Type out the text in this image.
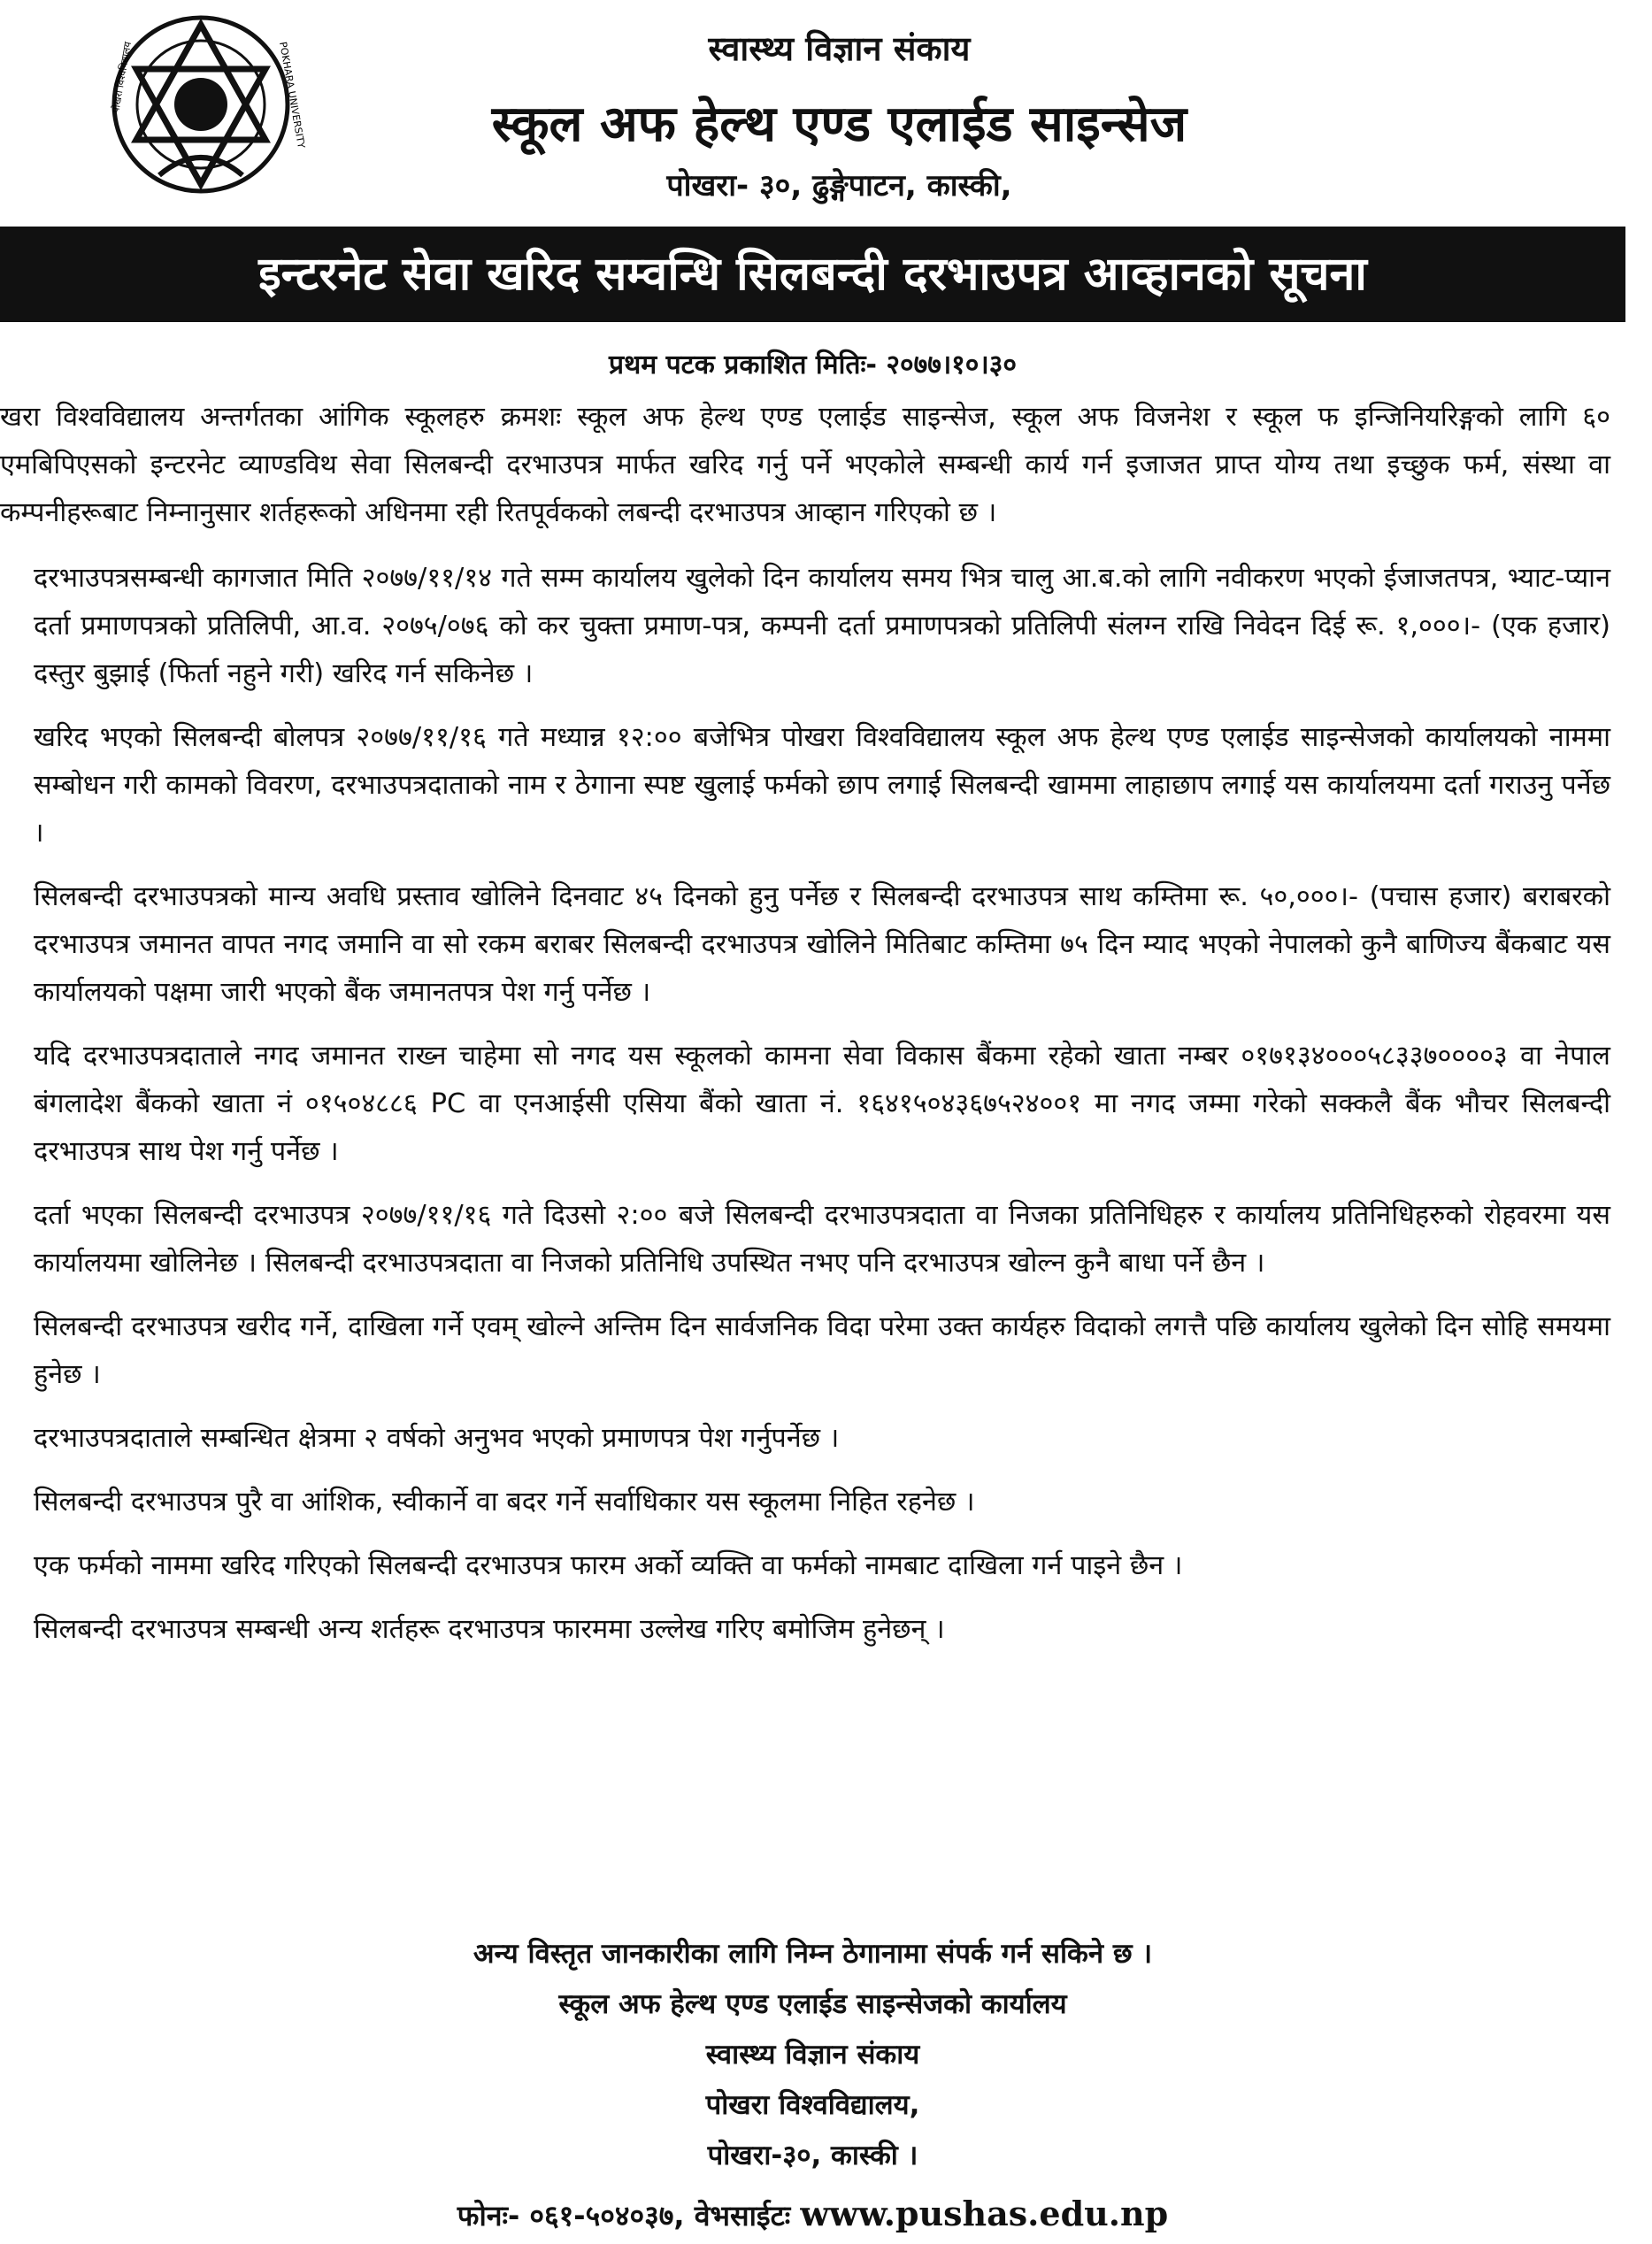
पोखरा विश्वविद्यालय	POKHARA UNIVERSITY	स्वास्थ्य विज्ञान संकाय
स्कूल अफ हेल्थ एण्ड एलाईड साइन्सेज
पोखरा- ३०, ढुङ्गेपाटन, कास्की,
इन्टरनेट सेवा खरिद सम्वन्धि सिलबन्दी दरभाउपत्र आव्हानको सूचना
प्रथम पटक प्रकाशित मितिः- २०७७।१०।३०

खरा विश्वविद्यालय अन्तर्गतका आंगिक स्कूलहरु क्रमशः स्कूल अफ हेल्थ एण्ड एलाईड साइन्सेज, स्कूल अफ विजनेश र स्कूल फ इन्जिनियरिङ्गको लागि ६० एमबिपिएसको इन्टरनेट व्याण्डविथ सेवा सिलबन्दी दरभाउपत्र मार्फत खरिद गर्नु पर्ने भएकोले सम्बन्धी कार्य गर्न इजाजत प्राप्त योग्य तथा इच्छुक फर्म, संस्था वा कम्पनीहरूबाट निम्नानुसार शर्तहरूको अधिनमा रही रितपूर्वकको लबन्दी दरभाउपत्र आव्हान गरिएको छ ।

दरभाउपत्रसम्बन्धी कागजात मिति २०७७/११/१४ गते सम्म कार्यालय खुलेको दिन कार्यालय समय भित्र चालु आ.ब.को लागि नवीकरण भएको ईजाजतपत्र, भ्याट-प्यान दर्ता प्रमाणपत्रको प्रतिलिपी, आ.व. २०७५/०७६ को कर चुक्ता प्रमाण-पत्र, कम्पनी दर्ता प्रमाणपत्रको प्रतिलिपी संलग्न राखि निवेदन दिई रू. १,०००।- (एक हजार) दस्तुर बुझाई (फिर्ता नहुने गरी) खरिद गर्न सकिनेछ ।

खरिद भएको सिलबन्दी बोलपत्र २०७७/११/१६ गते मध्यान्न १२:०० बजेभित्र पोखरा विश्वविद्यालय स्कूल अफ हेल्थ एण्ड एलाईड साइन्सेजको कार्यालयको नाममा सम्बोधन गरी कामको विवरण, दरभाउपत्रदाताको नाम र ठेगाना स्पष्ट खुलाई फर्मको छाप लगाई सिलबन्दी खाममा लाहाछाप लगाई यस कार्यालयमा दर्ता गराउनु पर्नेछ ।

सिलबन्दी दरभाउपत्रको मान्य अवधि प्रस्ताव खोलिने दिनवाट ४५ दिनको हुनु पर्नेछ र सिलबन्दी दरभाउपत्र साथ कम्तिमा रू. ५०,०००।- (पचास हजार) बराबरको दरभाउपत्र जमानत वापत नगद जमानि वा सो रकम बराबर सिलबन्दी दरभाउपत्र खोलिने मितिबाट कम्तिमा ७५ दिन म्याद भएको नेपालको कुनै बाणिज्य बैंकबाट यस कार्यालयको पक्षमा जारी भएको बैंक जमानतपत्र पेश गर्नु पर्नेछ ।

यदि दरभाउपत्रदाताले नगद जमानत राख्न चाहेमा सो नगद यस स्कूलको कामना सेवा विकास बैंकमा रहेको खाता नम्बर ०१७१३४०००५८३३७००००३ वा नेपाल बंगलादेश बैंकको खाता नं ०१५०४८८६ PC वा एनआईसी एसिया बैंको खाता नं. १६४१५०४३६७५२४००१ मा नगद जम्मा गरेको सक्कलै बैंक भौचर सिलबन्दी दरभाउपत्र साथ पेश गर्नु पर्नेछ ।

दर्ता भएका सिलबन्दी दरभाउपत्र २०७७/११/१६ गते दिउसो २:०० बजे सिलबन्दी दरभाउपत्रदाता वा निजका प्रतिनिधिहरु र कार्यालय प्रतिनिधिहरुको रोहवरमा यस कार्यालयमा खोलिनेछ । सिलबन्दी दरभाउपत्रदाता वा निजको प्रतिनिधि उपस्थित नभए पनि दरभाउपत्र खोल्न कुनै बाधा पर्ने छैन ।

सिलबन्दी दरभाउपत्र खरीद गर्ने, दाखिला गर्ने एवम् खोल्ने अन्तिम दिन सार्वजनिक विदा परेमा उक्त कार्यहरु विदाको लगत्तै पछि कार्यालय खुलेको दिन सोहि समयमा हुनेछ ।

दरभाउपत्रदाताले सम्बन्धित क्षेत्रमा २ वर्षको अनुभव भएको प्रमाणपत्र पेश गर्नुपर्नेछ ।

सिलबन्दी दरभाउपत्र पुरै वा आंशिक, स्वीकार्ने वा बदर गर्ने सर्वाधिकार यस स्कूलमा निहित रहनेछ ।

एक फर्मको नाममा खरिद गरिएको सिलबन्दी दरभाउपत्र फारम अर्को व्यक्ति वा फर्मको नामबाट दाखिला गर्न पाइने छैन ।

सिलबन्दी दरभाउपत्र सम्बन्धी अन्य शर्तहरू दरभाउपत्र फारममा उल्लेख गरिए बमोजिम हुनेछन् ।

अन्य विस्तृत जानकारीका लागि निम्न ठेगानामा संपर्क गर्न सकिने छ ।
स्कूल अफ हेल्थ एण्ड एलाईड साइन्सेजको कार्यालय
स्वास्थ्य विज्ञान संकाय
पोखरा विश्वविद्यालय,
पोखरा-३०, कास्की ।
फोनः- ०६१-५०४०३७, वेभसाईटः www.pushas.edu.np
